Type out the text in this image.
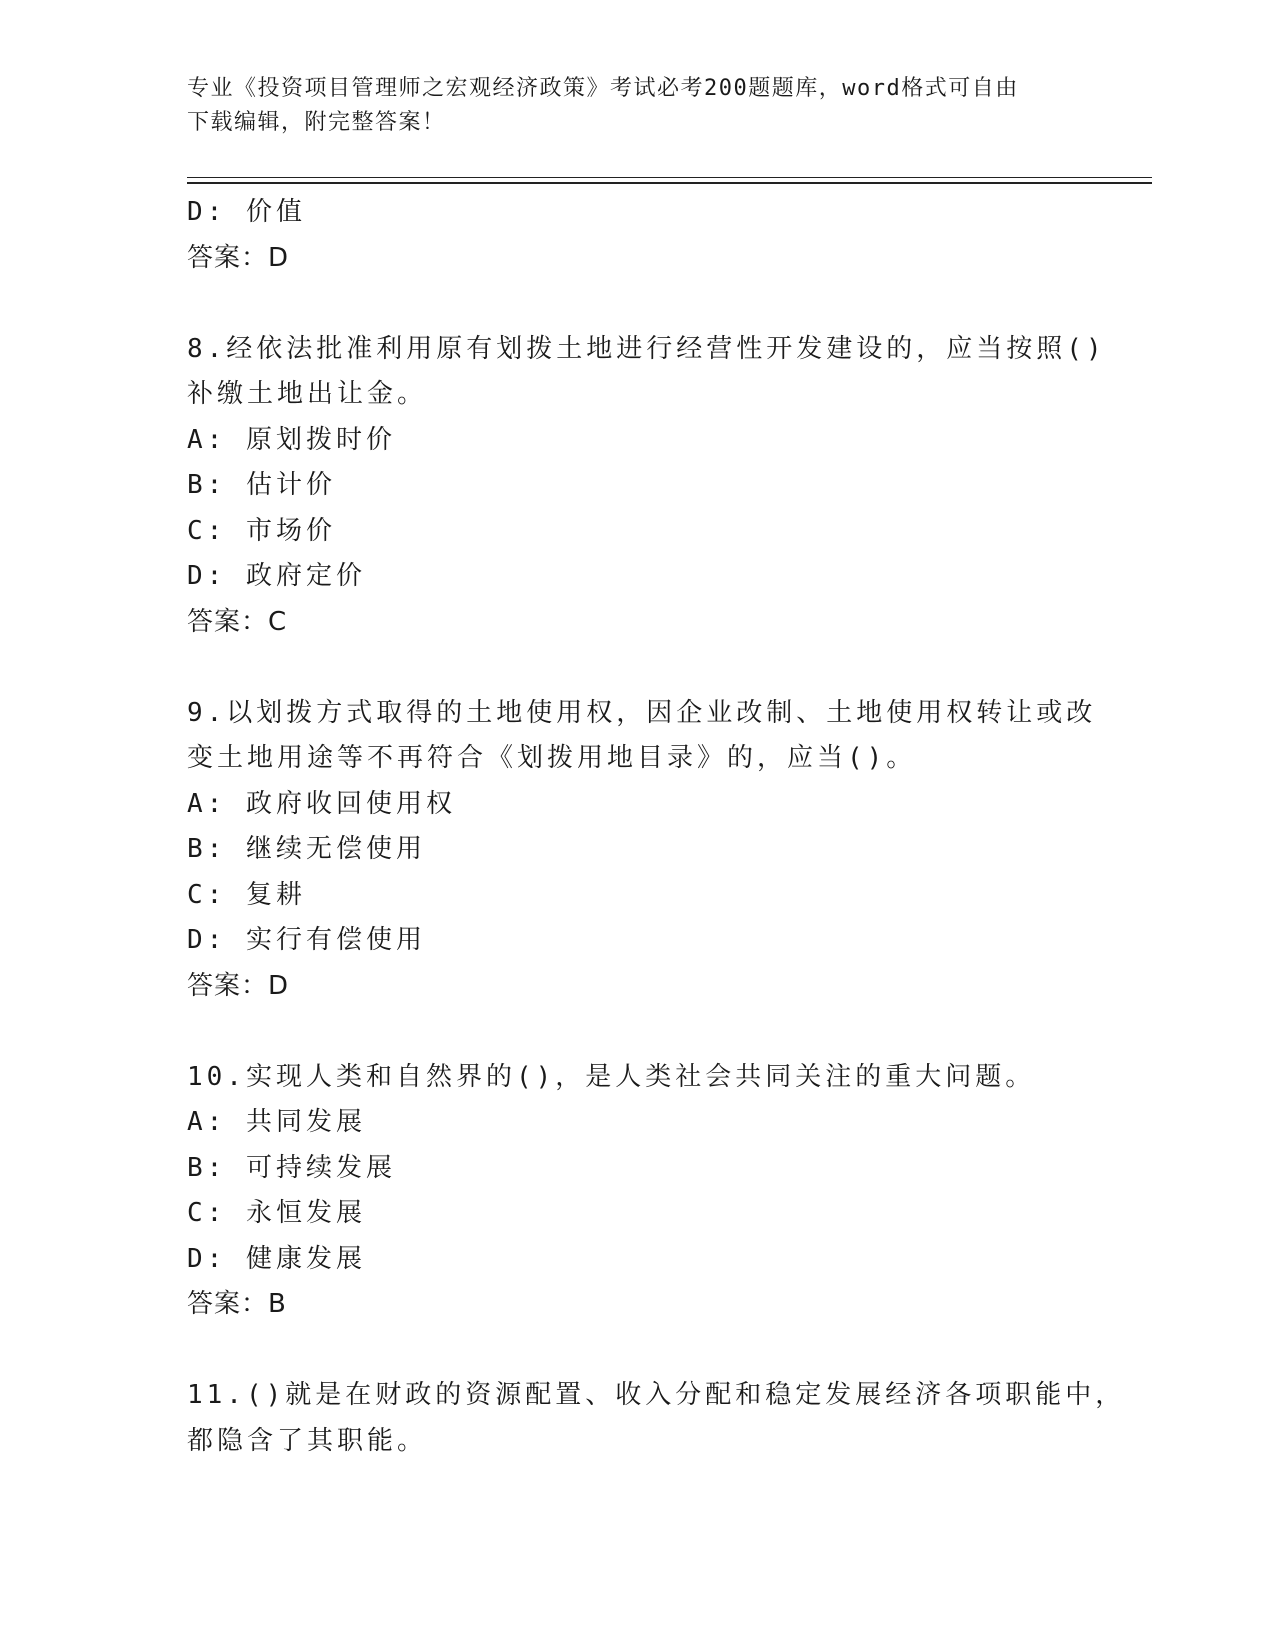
专业《投资项目管理师之宏观经济政策》考试必考200题题库，word格式可自由
下载编辑，附完整答案！
D: 价值
答案：D
8.经依法批准利用原有划拨土地进行经营性开发建设的，应当按照()
补缴土地出让金。
A: 原划拨时价
B: 估计价
C: 市场价
D: 政府定价
答案：C
9.以划拨方式取得的土地使用权，因企业改制、土地使用权转让或改
变土地用途等不再符合《划拨用地目录》的，应当()。
A: 政府收回使用权
B: 继续无偿使用
C: 复耕
D: 实行有偿使用
答案：D
10.实现人类和自然界的()，是人类社会共同关注的重大问题。
A: 共同发展
B: 可持续发展
C: 永恒发展
D: 健康发展
答案：B
11.()就是在财政的资源配置、收入分配和稳定发展经济各项职能中，
都隐含了其职能。
